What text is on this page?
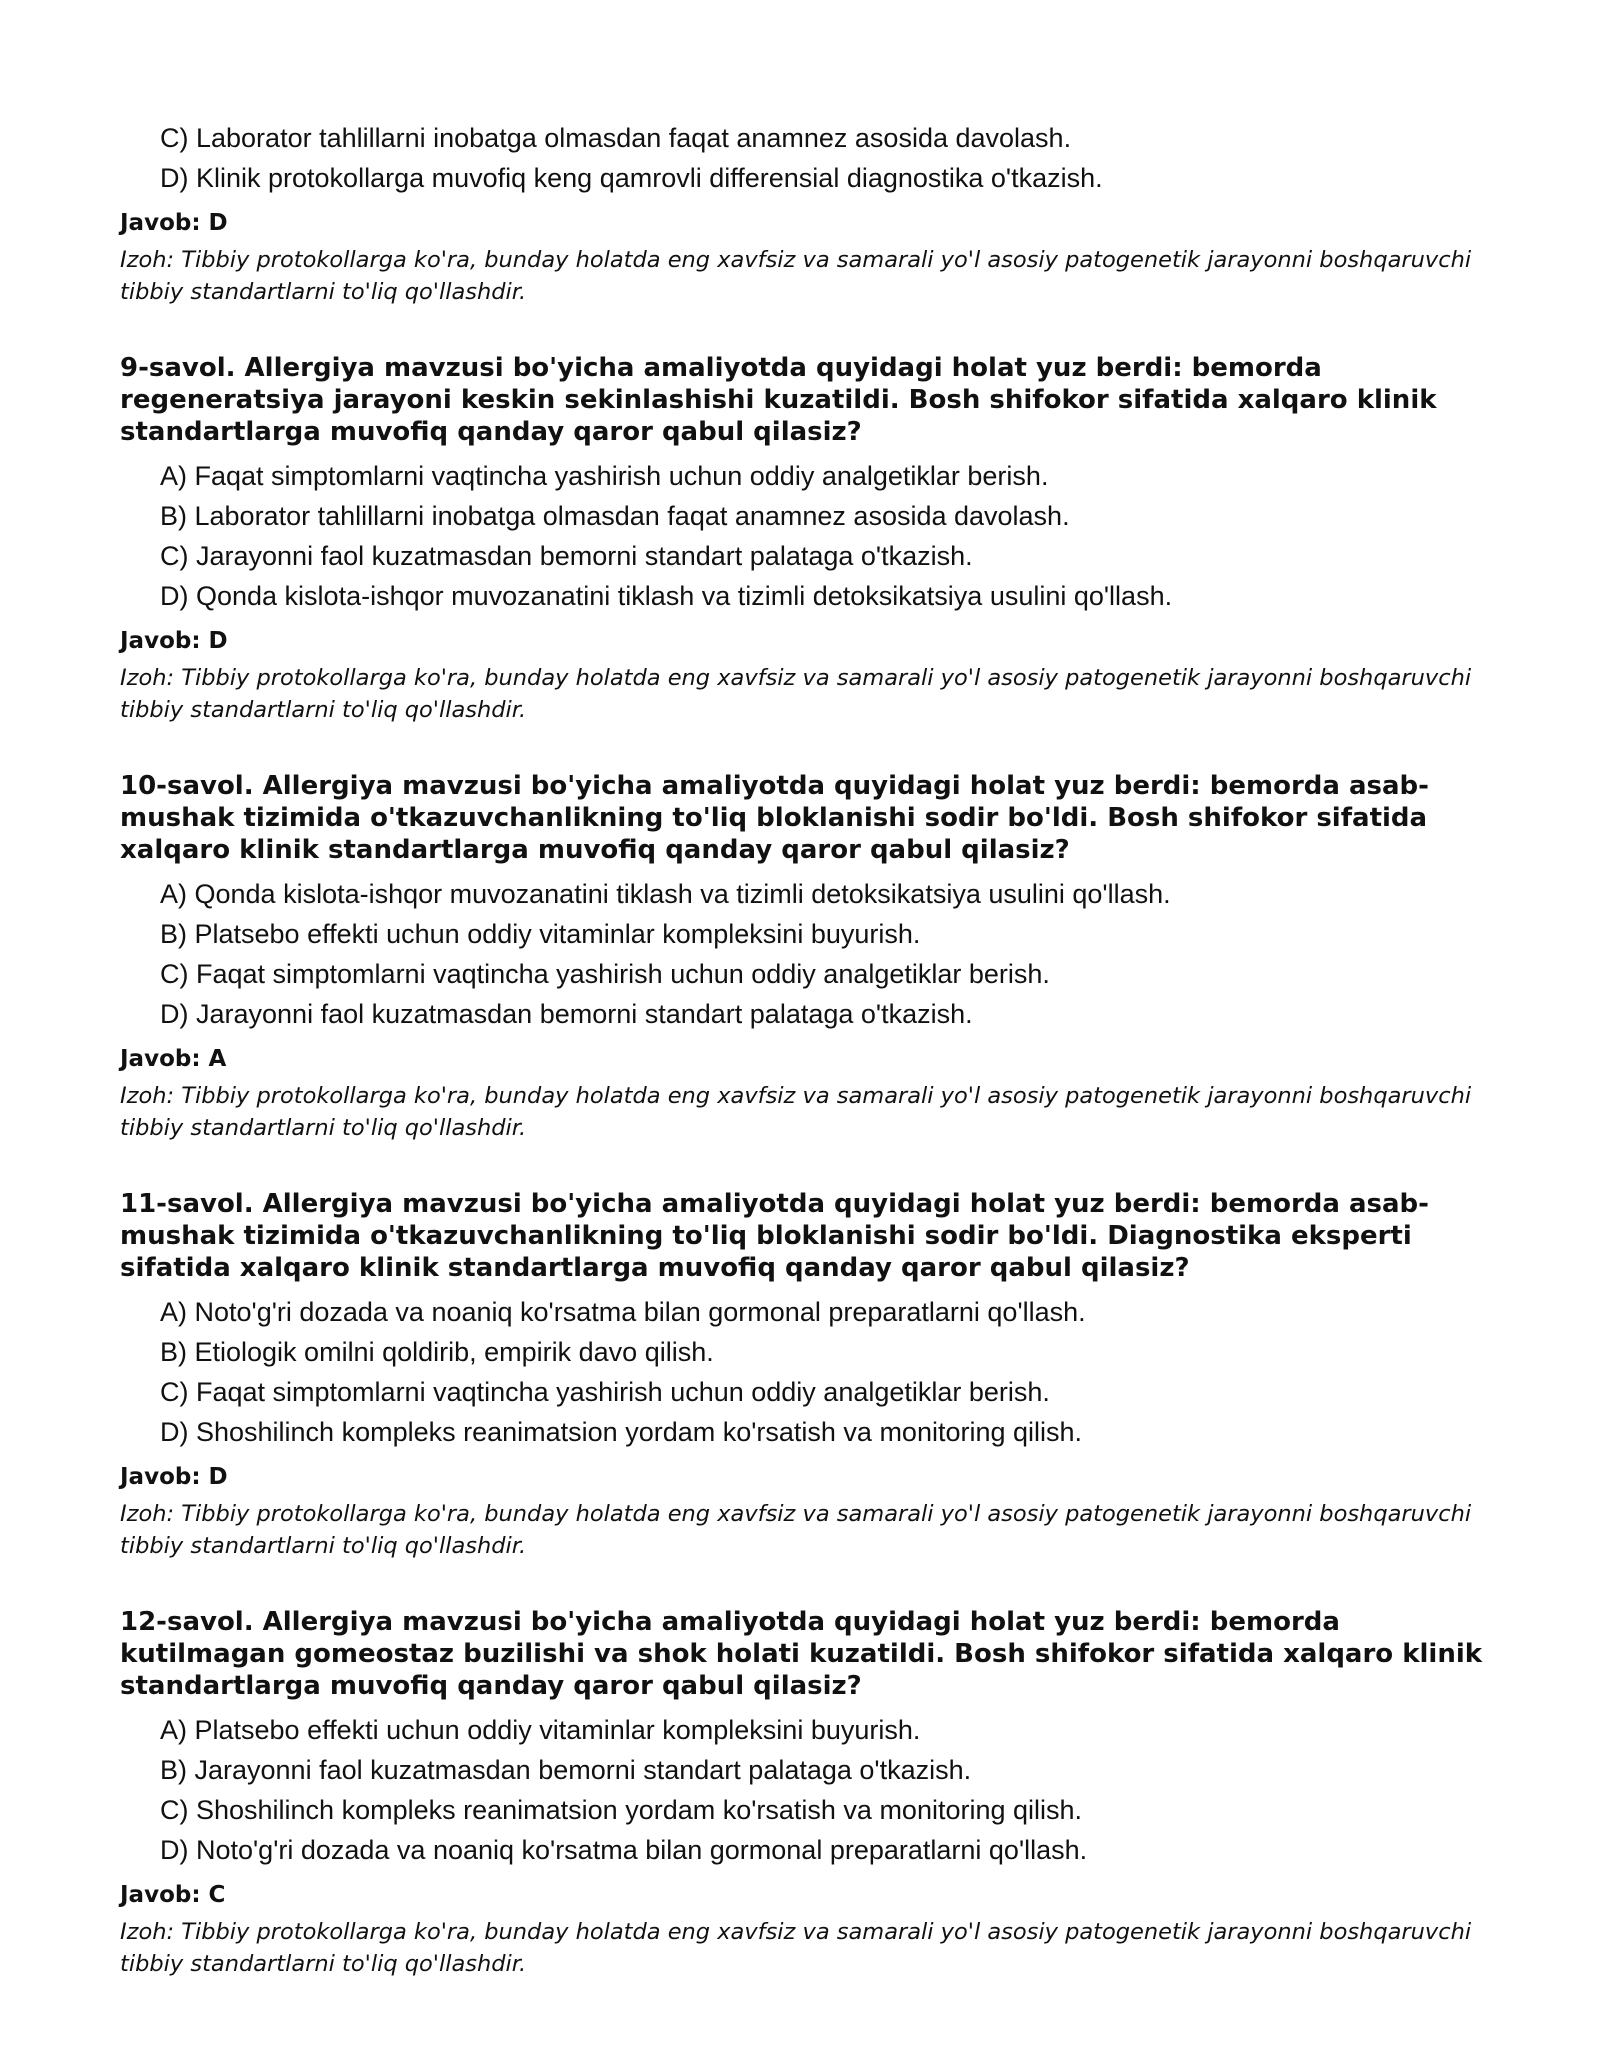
C) Laborator tahlillarni inobatga olmasdan faqat anamnez asosida davolash.
D) Klinik protokollarga muvofiq keng qamrovli differensial diagnostika o'tkazish.
Javob: D
Izoh: Tibbiy protokollarga ko'ra, bunday holatda eng xavfsiz va samarali yo'l asosiy patogenetik jarayonni boshqaruvchi tibbiy standartlarni to'liq qo'llashdir.
9-savol. Allergiya mavzusi bo'yicha amaliyotda quyidagi holat yuz berdi: bemorda regeneratsiya jarayoni keskin sekinlashishi kuzatildi. Bosh shifokor sifatida xalqaro klinik standartlarga muvofiq qanday qaror qabul qilasiz?
A) Faqat simptomlarni vaqtincha yashirish uchun oddiy analgetiklar berish.
B) Laborator tahlillarni inobatga olmasdan faqat anamnez asosida davolash.
C) Jarayonni faol kuzatmasdan bemorni standart palataga o'tkazish.
D) Qonda kislota-ishqor muvozanatini tiklash va tizimli detoksikatsiya usulini qo'llash.
Javob: D
Izoh: Tibbiy protokollarga ko'ra, bunday holatda eng xavfsiz va samarali yo'l asosiy patogenetik jarayonni boshqaruvchi tibbiy standartlarni to'liq qo'llashdir.
10-savol. Allergiya mavzusi bo'yicha amaliyotda quyidagi holat yuz berdi: bemorda asab-mushak tizimida o'tkazuvchanlikning to'liq bloklanishi sodir bo'ldi. Bosh shifokor sifatida xalqaro klinik standartlarga muvofiq qanday qaror qabul qilasiz?
A) Qonda kislota-ishqor muvozanatini tiklash va tizimli detoksikatsiya usulini qo'llash.
B) Platsebo effekti uchun oddiy vitaminlar kompleksini buyurish.
C) Faqat simptomlarni vaqtincha yashirish uchun oddiy analgetiklar berish.
D) Jarayonni faol kuzatmasdan bemorni standart palataga o'tkazish.
Javob: A
Izoh: Tibbiy protokollarga ko'ra, bunday holatda eng xavfsiz va samarali yo'l asosiy patogenetik jarayonni boshqaruvchi tibbiy standartlarni to'liq qo'llashdir.
11-savol. Allergiya mavzusi bo'yicha amaliyotda quyidagi holat yuz berdi: bemorda asab-mushak tizimida o'tkazuvchanlikning to'liq bloklanishi sodir bo'ldi. Diagnostika eksperti sifatida xalqaro klinik standartlarga muvofiq qanday qaror qabul qilasiz?
A) Noto'g'ri dozada va noaniq ko'rsatma bilan gormonal preparatlarni qo'llash.
B) Etiologik omilni qoldirib, empirik davo qilish.
C) Faqat simptomlarni vaqtincha yashirish uchun oddiy analgetiklar berish.
D) Shoshilinch kompleks reanimatsion yordam ko'rsatish va monitoring qilish.
Javob: D
Izoh: Tibbiy protokollarga ko'ra, bunday holatda eng xavfsiz va samarali yo'l asosiy patogenetik jarayonni boshqaruvchi tibbiy standartlarni to'liq qo'llashdir.
12-savol. Allergiya mavzusi bo'yicha amaliyotda quyidagi holat yuz berdi: bemorda kutilmagan gomeostaz buzilishi va shok holati kuzatildi. Bosh shifokor sifatida xalqaro klinik standartlarga muvofiq qanday qaror qabul qilasiz?
A) Platsebo effekti uchun oddiy vitaminlar kompleksini buyurish.
B) Jarayonni faol kuzatmasdan bemorni standart palataga o'tkazish.
C) Shoshilinch kompleks reanimatsion yordam ko'rsatish va monitoring qilish.
D) Noto'g'ri dozada va noaniq ko'rsatma bilan gormonal preparatlarni qo'llash.
Javob: C
Izoh: Tibbiy protokollarga ko'ra, bunday holatda eng xavfsiz va samarali yo'l asosiy patogenetik jarayonni boshqaruvchi tibbiy standartlarni to'liq qo'llashdir.
